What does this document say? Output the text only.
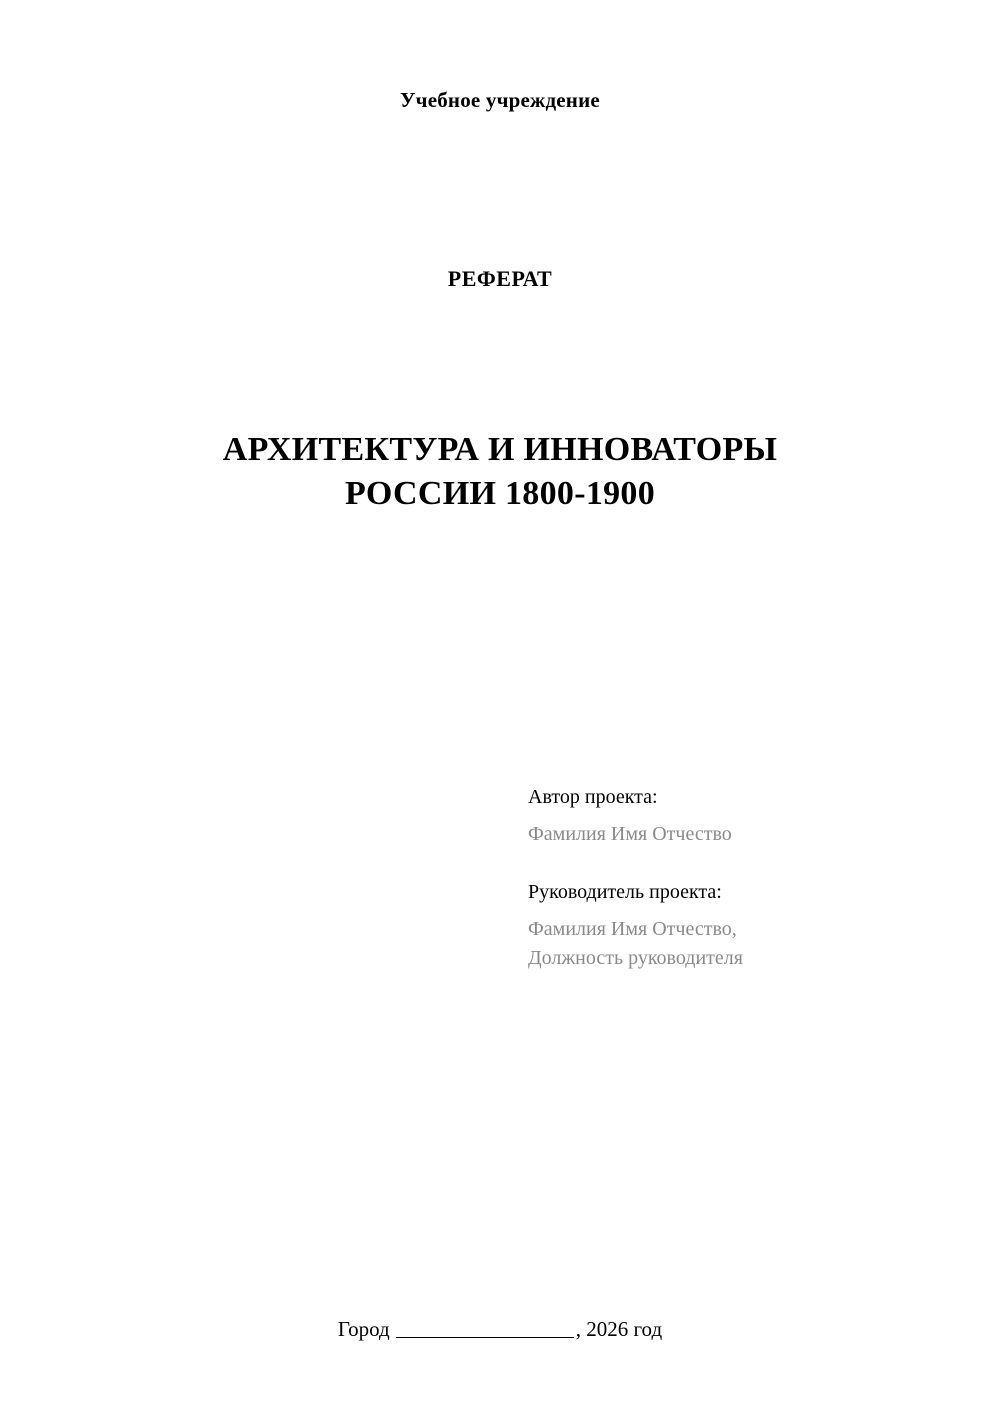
Учебное учреждение
РЕФЕРАТ
АРХИТЕКТУРА И ИННОВАТОРЫ
РОССИИ 1800-1900
Автор проекта:
Фамилия Имя Отчество
Руководитель проекта:
Фамилия Имя Отчество,
Должность руководителя
Город	, 2026 год
